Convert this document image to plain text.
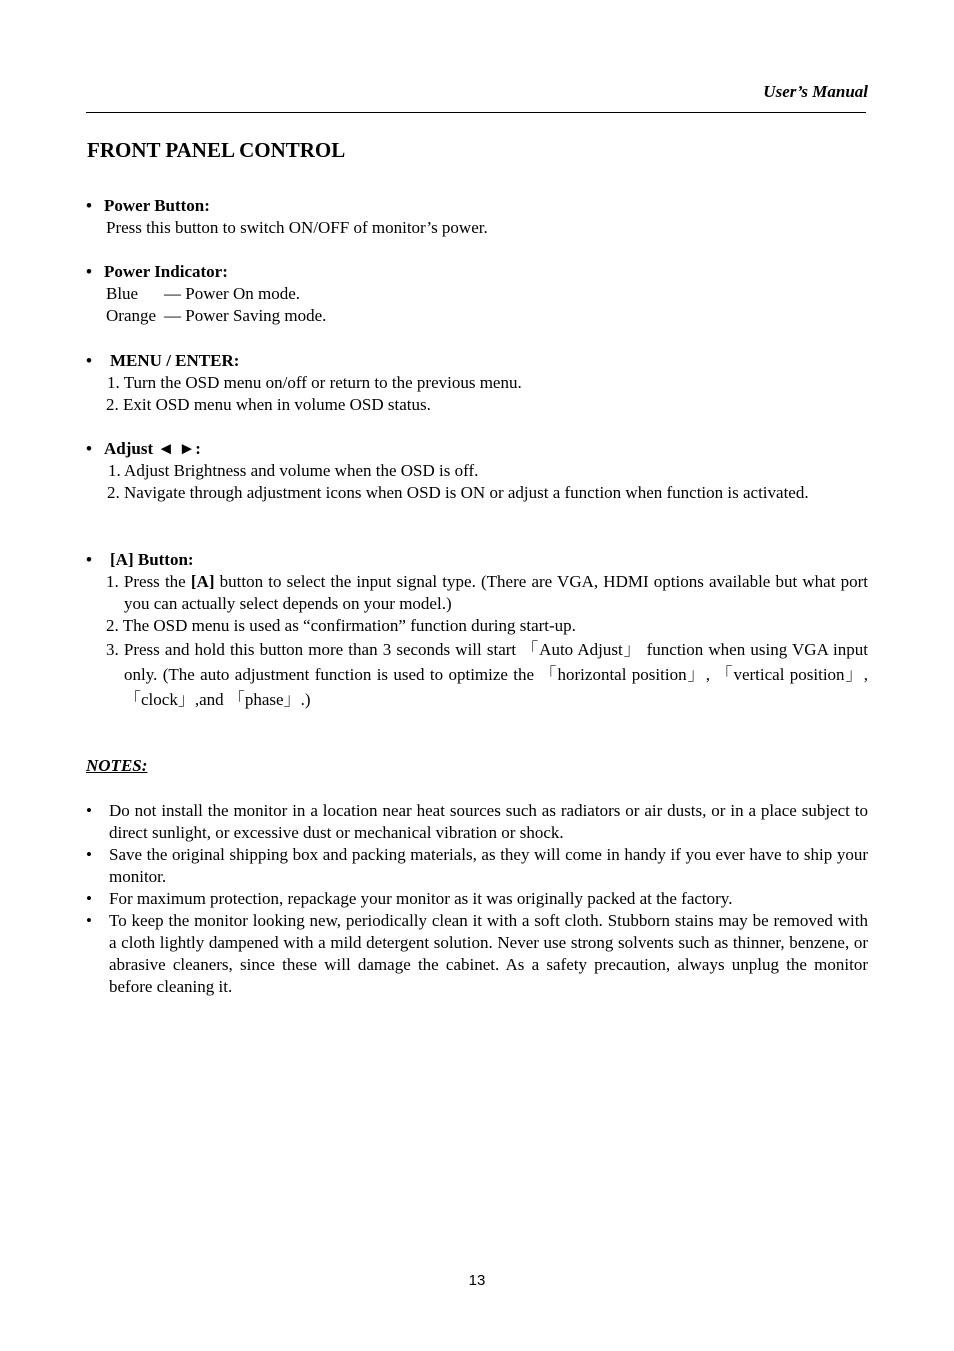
User’s Manual
FRONT PANEL CONTROL
• Power Button:
Press this button to switch ON/OFF of monitor’s power.
• Power Indicator:
Blue — Power On mode.
Orange — Power Saving mode.
• MENU / ENTER:
1. Turn the OSD menu on/off or return to the previous menu.
2. Exit OSD menu when in volume OSD status.
• Adjust ◄ ►:
1. Adjust Brightness and volume when the OSD is off.
2. Navigate through adjustment icons when OSD is ON or adjust a function when function is activated.
• [A] Button:
1. Press the [A] button to select the input signal type. (There are VGA, HDMI options available but what port you can actually select depends on your model.)
2. The OSD menu is used as “confirmation” function during start-up.
3. Press and hold this button more than 3 seconds will start 「Auto Adjust」 function when using VGA input only. (The auto adjustment function is used to optimize the 「horizontal position」, 「vertical position」,「clock」,and 「phase」.)
NOTES:
• Do not install the monitor in a location near heat sources such as radiators or air dusts, or in a place subject to direct sunlight, or excessive dust or mechanical vibration or shock.
• Save the original shipping box and packing materials, as they will come in handy if you ever have to ship your monitor.
• For maximum protection, repackage your monitor as it was originally packed at the factory.
• To keep the monitor looking new, periodically clean it with a soft cloth. Stubborn stains may be removed with a cloth lightly dampened with a mild detergent solution. Never use strong solvents such as thinner, benzene, or abrasive cleaners, since these will damage the cabinet. As a safety precaution, always unplug the monitor before cleaning it.
13
